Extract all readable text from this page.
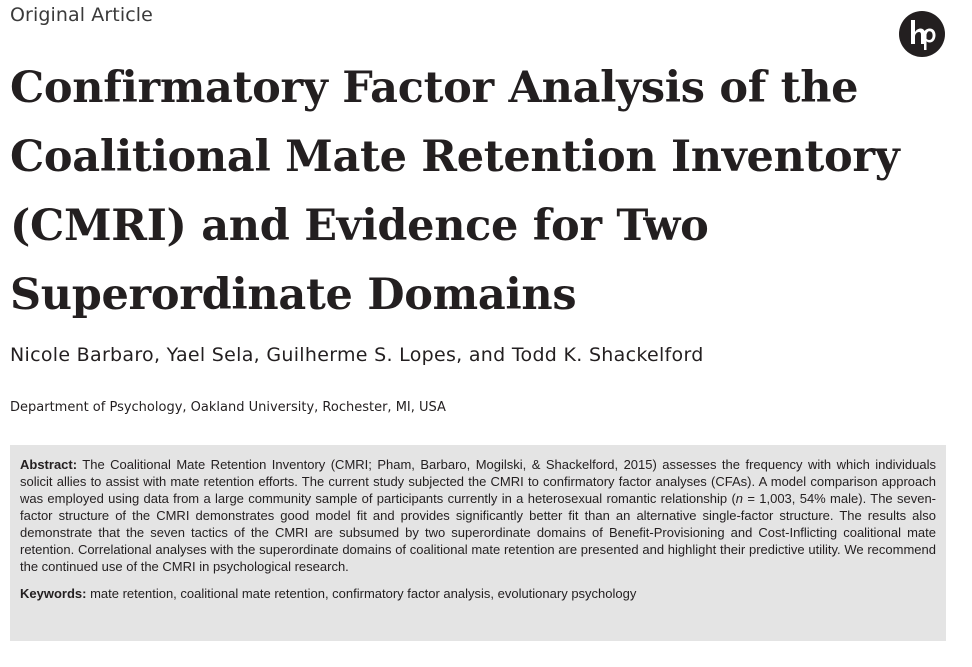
Original Article
Confirmatory Factor Analysis of the
Coalitional Mate Retention Inventory
(CMRI) and Evidence for Two
Superordinate Domains
Nicole Barbaro, Yael Sela, Guilherme S. Lopes, and Todd K. Shackelford
Department of Psychology, Oakland University, Rochester, MI, USA

Abstract: The Coalitional Mate Retention Inventory (CMRI; Pham, Barbaro, Mogilski, & Shackelford, 2015) assesses the frequency with which individuals solicit allies to assist with mate retention efforts. The current study subjected the CMRI to confirmatory factor analyses (CFAs). A model comparison approach was employed using data from a large community sample of participants currently in a heterosexual romantic relationship (n = 1,003, 54% male). The seven-factor structure of the CMRI demonstrates good model fit and provides significantly better fit than an alternative single-factor structure. The results also demonstrate that the seven tactics of the CMRI are subsumed by two superordinate domains of Benefit-Provisioning and Cost-Inflicting coalitional mate retention. Correlational analyses with the superordinate domains of coalitional mate retention are presented and highlight their predictive utility. We recommend the continued use of the CMRI in psychological research.

Keywords: mate retention, coalitional mate retention, confirmatory factor analysis, evolutionary psychology
